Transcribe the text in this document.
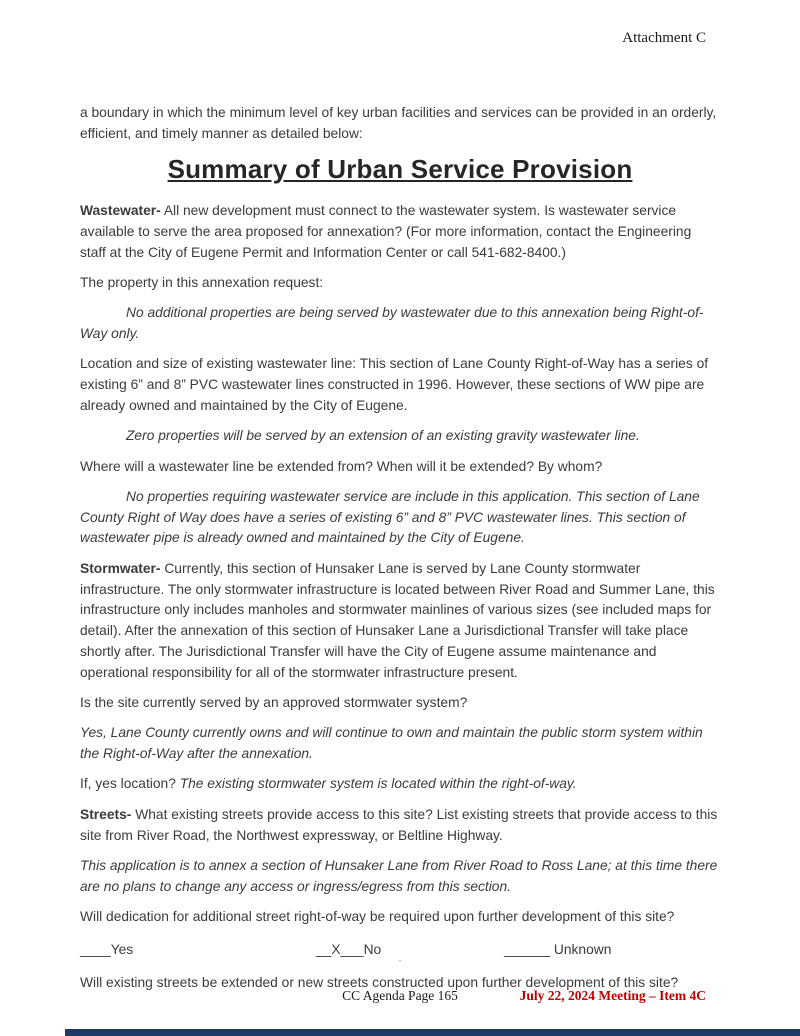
Attachment C

a boundary in which the minimum level of key urban facilities and services can be provided in an orderly, efficient, and timely manner as detailed below:

Summary of Urban Service Provision

Wastewater- All new development must connect to the wastewater system. Is wastewater service available to serve the area proposed for annexation? (For more information, contact the Engineering staff at the City of Eugene Permit and Information Center or call 541-682-8400.)

The property in this annexation request:

No additional properties are being served by wastewater due to this annexation being Right-of-Way only.

Location and size of existing wastewater line: This section of Lane County Right-of-Way has a series of existing 6” and 8” PVC wastewater lines constructed in 1996. However, these sections of WW pipe are already owned and maintained by the City of Eugene.

Zero properties will be served by an extension of an existing gravity wastewater line.

Where will a wastewater line be extended from? When will it be extended? By whom?

No properties requiring wastewater service are include in this application. This section of Lane County Right of Way does have a series of existing 6” and 8” PVC wastewater lines. This section of wastewater pipe is already owned and maintained by the City of Eugene.

Stormwater- Currently, this section of Hunsaker Lane is served by Lane County stormwater infrastructure. The only stormwater infrastructure is located between River Road and Summer Lane, this infrastructure only includes manholes and stormwater mainlines of various sizes (see included maps for detail). After the annexation of this section of Hunsaker Lane a Jurisdictional Transfer will take place shortly after. The Jurisdictional Transfer will have the City of Eugene assume maintenance and operational responsibility for all of the stormwater infrastructure present.

Is the site currently served by an approved stormwater system?

Yes, Lane County currently owns and will continue to own and maintain the public storm system within the Right-of-Way after the annexation.

If, yes location? The existing stormwater system is located within the right-of-way.

Streets- What existing streets provide access to this site? List existing streets that provide access to this site from River Road, the Northwest expressway, or Beltline Highway.

This application is to annex a section of Hunsaker Lane from River Road to Ross Lane; at this time there are no plans to change any access or ingress/egress from this section.

Will dedication for additional street right-of-way be required upon further development of this site?

____Yes	__X___No	______ Unknown

Will existing streets be extended or new streets constructed upon further development of this site?

.
CC Agenda Page 165	July 22, 2024 Meeting – Item 4C
